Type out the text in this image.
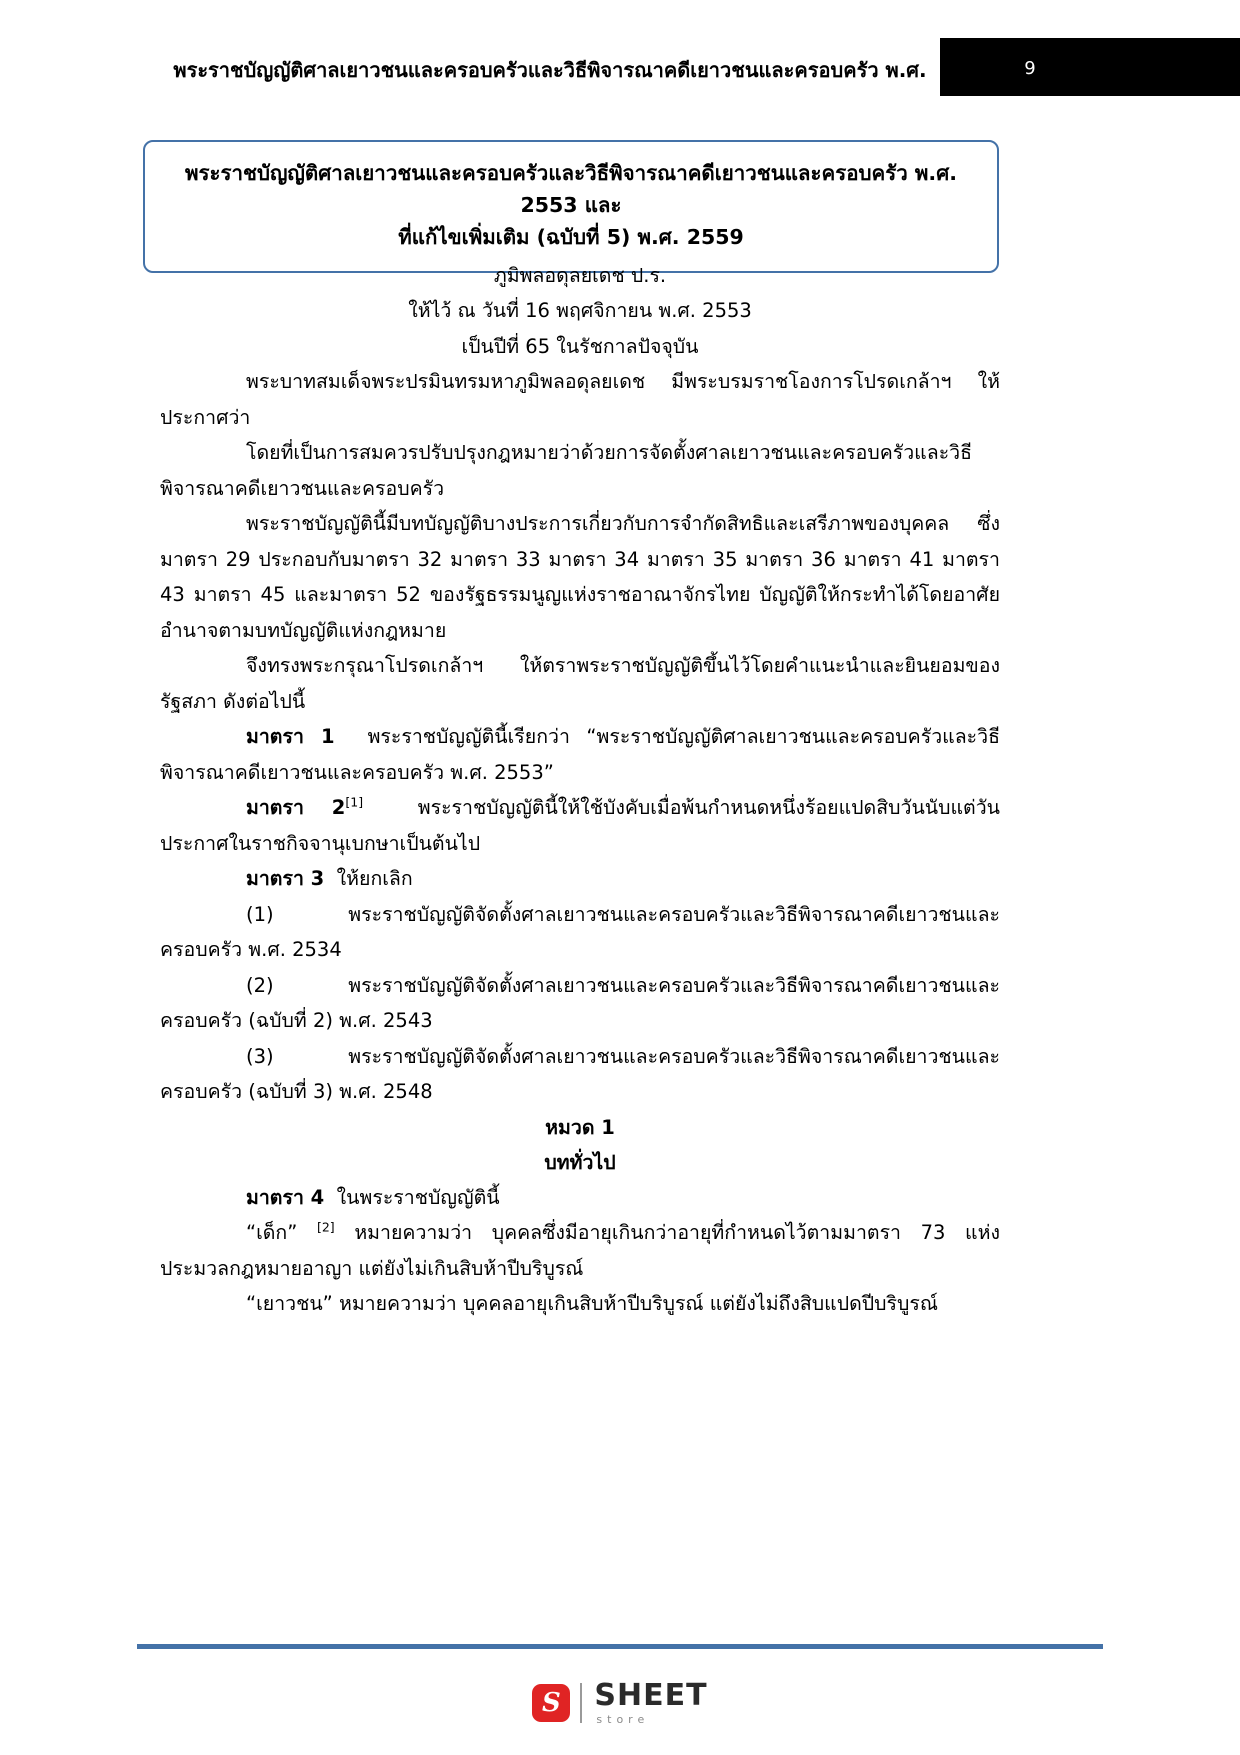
พระราชบัญญัติศาลเยาวชนและครอบครัวและวิธีพิจารณาคดีเยาวชนและครอบครัว พ.ศ.	9
พระราชบัญญัติศาลเยาวชนและครอบครัวและวิธีพิจารณาคดีเยาวชนและครอบครัว พ.ศ. 2553 และ
ที่แก้ไขเพิ่มเติม (ฉบับที่ 5) พ.ศ. 2559
ภูมิพลอดุลยเดช ป.ร.
ให้ไว้ ณ วันที่ 16 พฤศจิกายน พ.ศ. 2553
เป็นปีที่ 65 ในรัชกาลปัจจุบัน
พระบาทสมเด็จพระปรมินทรมหาภูมิพลอดุลยเดช มีพระบรมราชโองการโปรดเกล้าฯ ให้ประกาศว่า
โดยที่เป็นการสมควรปรับปรุงกฎหมายว่าด้วยการจัดตั้งศาลเยาวชนและครอบครัวและวิธีพิจารณาคดีเยาวชนและครอบครัว
พระราชบัญญัตินี้มีบทบัญญัติบางประการเกี่ยวกับการจำกัดสิทธิและเสรีภาพของบุคคล ซึ่งมาตรา 29 ประกอบกับมาตรา 32 มาตรา 33 มาตรา 34 มาตรา 35 มาตรา 36 มาตรา 41 มาตรา 43 มาตรา 45 และมาตรา 52 ของรัฐธรรมนูญแห่งราชอาณาจักรไทย บัญญัติให้กระทำได้โดยอาศัยอำนาจตามบทบัญญัติแห่งกฎหมาย
จึงทรงพระกรุณาโปรดเกล้าฯ ให้ตราพระราชบัญญัติขึ้นไว้โดยคำแนะนำและยินยอมของรัฐสภา ดังต่อไปนี้
มาตรา 1 พระราชบัญญัตินี้เรียกว่า “พระราชบัญญัติศาลเยาวชนและครอบครัวและวิธีพิจารณาคดีเยาวชนและครอบครัว พ.ศ. 2553”
มาตรา 2[1]	พระราชบัญญัตินี้ให้ใช้บังคับเมื่อพ้นกำหนดหนึ่งร้อยแปดสิบวันนับแต่วันประกาศในราชกิจจานุเบกษาเป็นต้นไป
มาตรา 3 ให้ยกเลิก
(1) พระราชบัญญัติจัดตั้งศาลเยาวชนและครอบครัวและวิธีพิจารณาคดีเยาวชนและครอบครัว พ.ศ. 2534
(2) พระราชบัญญัติจัดตั้งศาลเยาวชนและครอบครัวและวิธีพิจารณาคดีเยาวชนและครอบครัว (ฉบับที่ 2) พ.ศ. 2543
(3) พระราชบัญญัติจัดตั้งศาลเยาวชนและครอบครัวและวิธีพิจารณาคดีเยาวชนและครอบครัว (ฉบับที่ 3) พ.ศ. 2548
หมวด 1
บททั่วไป
มาตรา 4 ในพระราชบัญญัตินี้
“เด็ก” [2] หมายความว่า บุคคลซึ่งมีอายุเกินกว่าอายุที่กำหนดไว้ตามมาตรา 73 แห่งประมวลกฎหมายอาญา แต่ยังไม่เกินสิบห้าปีบริบูรณ์
“เยาวชน” หมายความว่า บุคคลอายุเกินสิบห้าปีบริบูรณ์ แต่ยังไม่ถึงสิบแปดปีบริบูรณ์
S	SHEET
store
